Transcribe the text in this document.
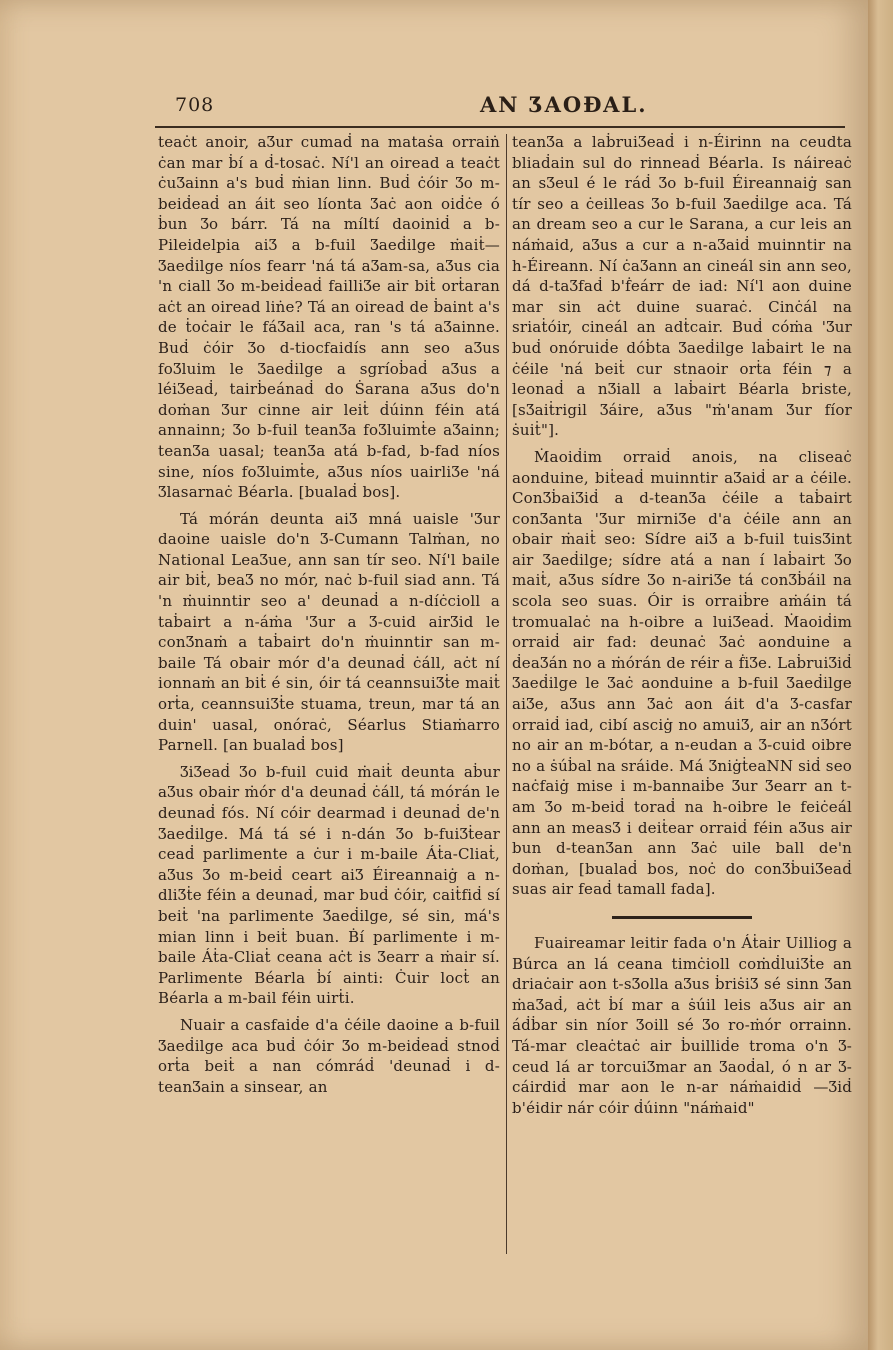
708	AN ƷAOÐAL.

teaċt anoir, aƷur cumaḋ na mataṡa orraiṅ ċan mar ḃí a ḋ-tosaċ. Ní'l an oiread a teaċt ċuƷainn a's buḋ ṁian linn. Buḋ ċóir Ʒo m-beiḋeaḋ an áit seo líonta Ʒaċ aon oiḋċe ó ḃun Ʒo bárr. Tá na míltí daoiniḋ a b-Pileidelpia aiƷ a b-fuil Ʒaeḋilge ṁaiṫ—Ʒaeḋilge níos fearr 'ná tá aƷam-sa, aƷus cia 'n ciall Ʒo m-beiḋeaḋ failliƷe air biṫ orṫaran aċt an oiread liṅe? Tá an oiread de ḃaint a's de ṫoċair le fáƷail aca, ran 's tá aƷainne. Buḋ ċóir Ʒo d-tiocfaidís ann seo aƷus foƷluim le Ʒaeḋilge a sgríoḃaḋ aƷus a léiƷeaḋ, tairḃeánaḋ do Ṡarana aƷus do'n doṁan Ʒur cinne air leiṫ ḋúinn féin atá annainn; Ʒo b-fuil teanƷa foƷluimṫe aƷainn; teanƷa uasal; teanƷa atá b-fad, b-fad níos sine, níos foƷluimṫe, aƷus níos uairliƷe 'ná Ʒlasarnaċ Béarla. [bualaḋ bos].

Tá mórán deunta aiƷ mná uaisle 'Ʒur daoine uaisle do'n Ʒ-Cumann Talṁan, no National LeaƷue, ann san tír seo. Ní'l baile air biṫ, beaƷ no mór, naċ b-fuil siad ann. Tá 'n ṁuinntir seo a' deunaḋ a n-díċcioll a taḃairt a n-áṁa 'Ʒur a Ʒ-cuid airƷid le conƷnaṁ a taḃairt do'n ṁuinntir san m-baile Tá obair mór d'a deunaḋ ċáll, aċt ní ionnaṁ an biṫ é sin, óir tá ceannsuiƷṫe maiṫ orṫa, ceannsuiƷṫe stuama, treun, mar tá an duin' uasal, onóraċ, Séarlus Stiaṁarro Parnell. [an bualaḋ bos]

ƷiƷeaḋ Ʒo b-fuil cuid ṁaiṫ deunta aḃur aƷus obair ṁór d'a deunaḋ ċáll, tá mórán le deunaḋ fós. Ní cóir dearmad i deunaḋ de'n Ʒaeḋilge. Má tá sé i n-dán Ʒo b-fuiƷṫear ceaḋ parlimente a ċur i m-baile Áṫa-Cliaṫ, aƷus Ʒo m-beiḋ ceart aiƷ Éireannaiġ a n-dliƷṫe féin a deunaḋ, mar buḋ ċóir, caiṫfiḋ sí beiṫ 'na parlimente Ʒaeḋilge, sé sin, má's mian linn i beiṫ buan. Ḃí parlimente i m-baile Áṫa-Cliaṫ ceana aċt is Ʒearr a ṁair sí. Parlimente Béarla ḃí ainti: Ċuir locṫ an Béarla a m-bail féin uirṫi.

Nuair a casfaiḋe d'a ċéile daoine a b-fuil Ʒaeḋilge aca buḋ ċóir Ʒo m-beiḋeaḋ stnoḋ orṫa beiṫ a nan cómráḋ 'deunaḋ i d-teanƷain a sinsear, an

teanƷa a laḃruiƷeaḋ i n-Éirinn na ceudta bliaḋain sul do rinneaḋ Béarla. Is náireaċ an sƷeul é le ráḋ Ʒo b-fuil Éireannaiġ san tír seo a ċeilleas Ʒo b-fuil Ʒaeḋilge aca. Tá an dream seo a cur le Sarana, a cur leis an náṁaid, aƷus a cur a n-aƷaiḋ muinntir na h-Éireann. Ní ċaƷann an cineál sin ann seo, dá d-taƷfaḋ b'ḟeárr de iad: Ní'l aon duine mar sin aċt duine suaraċ. Cinċál na sriaṫóir, cineál an adṫcair. Buḋ cóṁa 'Ʒur buḋ onóruiḋe dóḃta Ʒaeḋilge laḃairt le na ċéile 'ná beiṫ cur stnaoir orṫa féin ⁊ a leonaḋ a nƷiall a laḃairt Béarla briste, [sƷaiṫrigil Ʒáire, aƷus "ṁ'anam Ʒur fíor ṡuiṫ"].

Ṁaoiḋim orraiḋ anois, na cliseaċ aonduine, biṫeaḋ muinntir aƷaiḋ ar a ċéile. ConƷḃaiƷiḋ a d-teanƷa ċéile a taḃairt conƷanta 'Ʒur mirniƷe d'a ċéile ann an obair ṁaiṫ seo: Sídre aiƷ a b-fuil tuisƷint air Ʒaeḋilge; sídre atá a nan í laḃairt Ʒo maiṫ, aƷus sídre Ʒo n-airiƷe tá conƷḃáil na scola seo suas. Óir is orraiḃre aṁáin tá tromualaċ na h-oibre a luiƷeaḋ. Ṁaoiḋim orraiḋ air fad: deunaċ Ʒaċ aonduine a ḋeaƷán no a ṁórán de réir a ḟiƷe. LaḃruiƷiḋ Ʒaeḋilge le Ʒaċ aonduine a b-fuil Ʒaeḋilge aiƷe, aƷus ann Ʒaċ aon áit d'a Ʒ-casfar orraiḋ iad, cibí asciġ no amuiƷ, air an nƷórt no air an m-bótar, a n-eudan a Ʒ-cuid oibre no a ṡúḃal na sráide. Má ƷniġṫeaNN siḋ seo naċfaiġ mise i m-bannaiḃe Ʒur Ʒearr an t-am Ʒo m-beiḋ toraḋ na h-oibre le feiċeál ann an measƷ i deiṫear orraiḋ féin aƷus air bun d-teanƷan ann Ʒaċ uile ball de'n doṁan, [bualaḋ bos, noċ do conƷḃuiƷeaḋ suas air feaḋ tamall fada].

Fuaireamar leitir fada o'n Áṫair Uilliog a Búrca an lá ceana timċioll coṁḋluiƷṫe an driaċair aon t-sƷolla aƷus ḃriṡiƷ sé sinn Ʒan ṁaƷaḋ, aċt ḃí mar a ṡúil leis aƷus air an áḋḃar sin níor Ʒoill sé Ʒo ro-ṁór orrainn. Tá-mar cleaċtaċ air ḃuilliḋe troma o'n Ʒ-ceud lá ar torcuiƷmar an Ʒaoḋal, ó n ar Ʒ-cáirdiḋ mar aon le n-ar náṁaidiḋ —Ʒiḋ b'éidir nár cóir ḋúinn "náṁaid"
